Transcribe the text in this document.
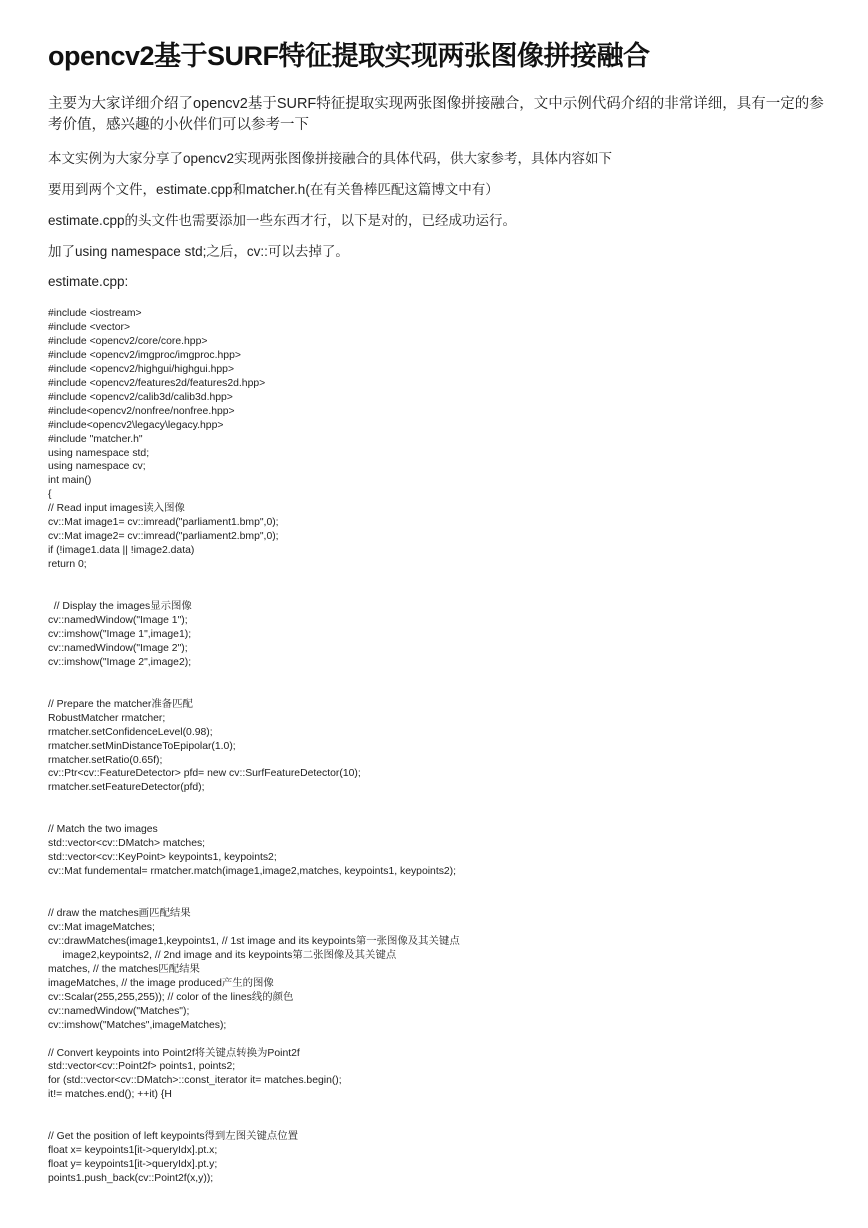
opencv2基于SURF特征提取实现两张图像拼接融合

主要为大家详细介绍了opencv2基于SURF特征提取实现两张图像拼接融合，文中示例代码介绍的非常详细，具有一定的参考价值，感兴趣的小伙伴们可以参考一下

本文实例为大家分享了opencv2实现两张图像拼接融合的具体代码，供大家参考，具体内容如下

要用到两个文件，estimate.cpp和matcher.h(在有关鲁棒匹配这篇博文中有）

estimate.cpp的头文件也需要添加一些东西才行，以下是对的，已经成功运行。

加了using namespace std;之后，cv::可以去掉了。

estimate.cpp:

#include <iostream>
#include <vector>
#include <opencv2/core/core.hpp>
#include <opencv2/imgproc/imgproc.hpp>
#include <opencv2/highgui/highgui.hpp>
#include <opencv2/features2d/features2d.hpp>
#include <opencv2/calib3d/calib3d.hpp>
#include<opencv2/nonfree/nonfree.hpp>
#include<opencv2\legacy\legacy.hpp>
#include "matcher.h"
using namespace std;
using namespace cv;
int main()
{
// Read input images读入图像
cv::Mat image1= cv::imread("parliament1.bmp",0);
cv::Mat image2= cv::imread("parliament2.bmp",0);
if (!image1.data || !image2.data)
return 0;

// Display the images显示图像
cv::namedWindow("Image 1");
cv::imshow("Image 1",image1);
cv::namedWindow("Image 2");
cv::imshow("Image 2",image2);

// Prepare the matcher准备匹配
RobustMatcher rmatcher;
rmatcher.setConfidenceLevel(0.98);
rmatcher.setMinDistanceToEpipolar(1.0);
rmatcher.setRatio(0.65f);
cv::Ptr<cv::FeatureDetector> pfd= new cv::SurfFeatureDetector(10);
rmatcher.setFeatureDetector(pfd);

// Match the two images
std::vector<cv::DMatch> matches;
std::vector<cv::KeyPoint> keypoints1, keypoints2;
cv::Mat fundemental= rmatcher.match(image1,image2,matches, keypoints1, keypoints2);

// draw the matches画匹配结果
cv::Mat imageMatches;
cv::drawMatches(image1,keypoints1, // 1st image and its keypoints第一张图像及其关键点
image2,keypoints2, // 2nd image and its keypoints第二张图像及其关键点
matches, // the matches匹配结果
imageMatches, // the image produced产生的图像
cv::Scalar(255,255,255)); // color of the lines线的颜色
cv::namedWindow("Matches");
cv::imshow("Matches",imageMatches);

// Convert keypoints into Point2f将关键点转换为Point2f
std::vector<cv::Point2f> points1, points2;
for (std::vector<cv::DMatch>::const_iterator it= matches.begin();
it!= matches.end(); ++it) {H

// Get the position of left keypoints得到左图关键点位置
float x= keypoints1[it->queryIdx].pt.x;
float y= keypoints1[it->queryIdx].pt.y;
points1.push_back(cv::Point2f(x,y));
